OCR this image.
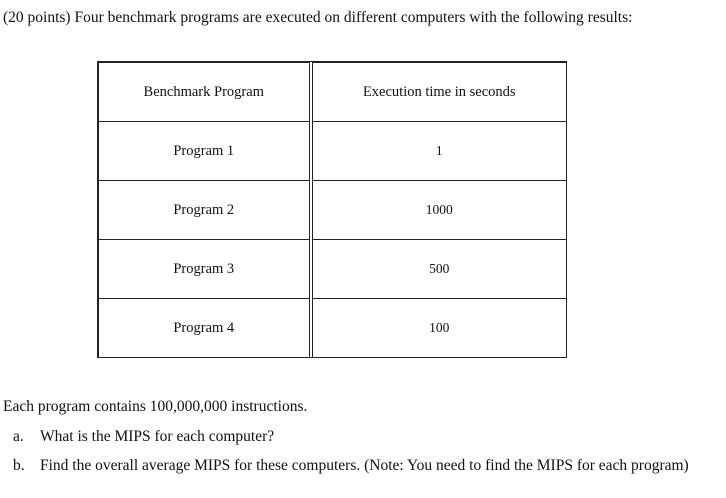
(20 points) Four benchmark programs are executed on different computers with the following results:
Benchmark Program	Execution time in seconds
Program 1	1
Program 2	1000
Program 3	500
Program 4	100
Each program contains 100,000,000 instructions.
a. What is the MIPS for each computer?
b. Find the overall average MIPS for these computers. (Note: You need to find the MIPS for each program)
